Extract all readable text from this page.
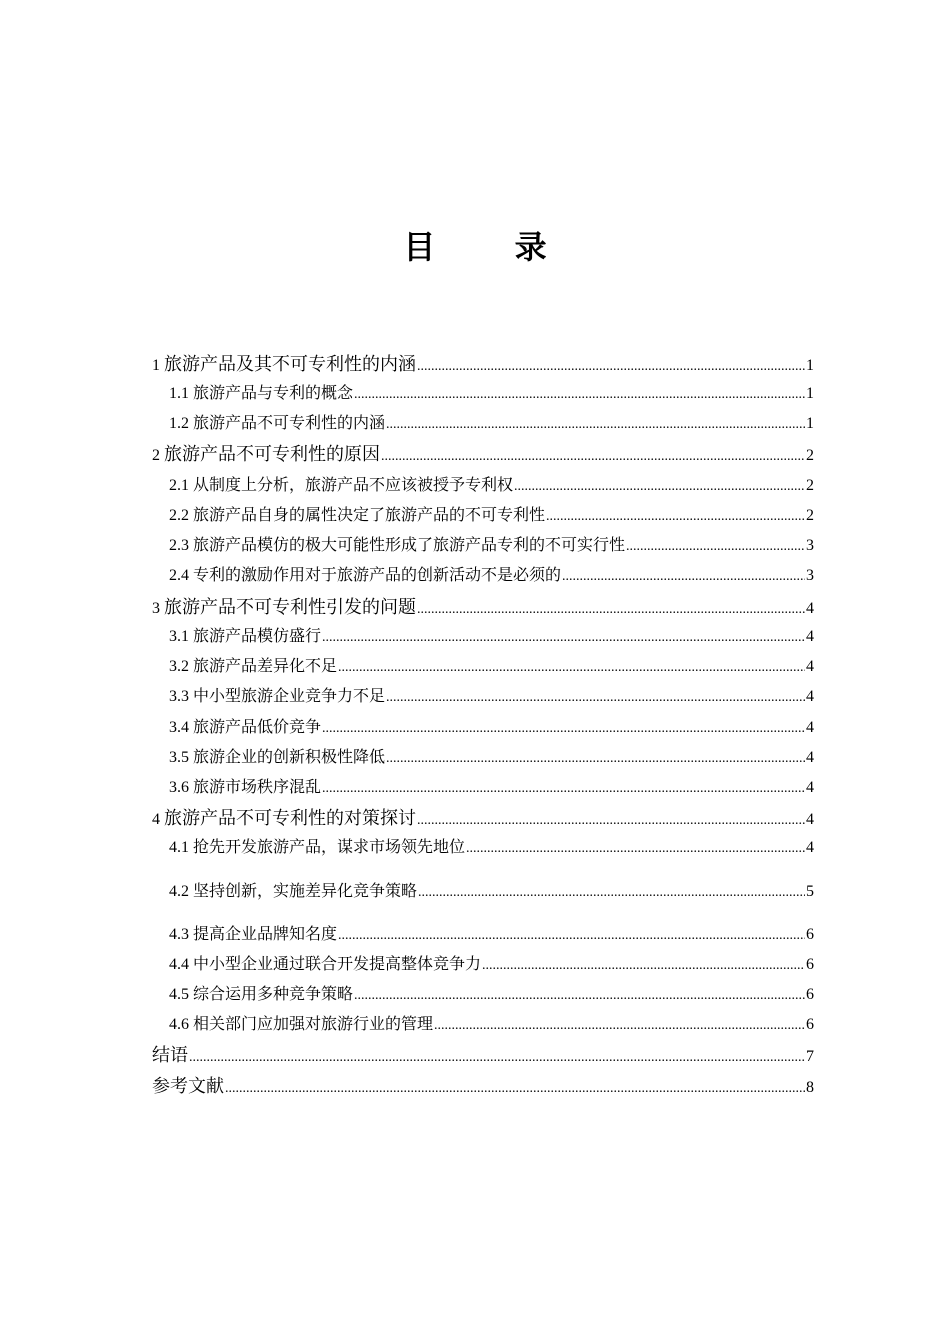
目 录
1 旅游产品及其不可专利性的内涵 .....	1
1.1 旅游产品与专利的概念 .....	1
1.2 旅游产品不可专利性的内涵 .....	1
2 旅游产品不可专利性的原因 .....	2
2.1 从制度上分析，旅游产品不应该被授予专利权 .....	2
2.2 旅游产品自身的属性决定了旅游产品的不可专利性 .....	2
2.3 旅游产品模仿的极大可能性形成了旅游产品专利的不可实行性 .....	3
2.4 专利的激励作用对于旅游产品的创新活动不是必须的 .....	3
3 旅游产品不可专利性引发的问题 .....	4
3.1 旅游产品模仿盛行 .....	4
3.2 旅游产品差异化不足 .....	4
3.3 中小型旅游企业竞争力不足 .....	4
3.4 旅游产品低价竞争 .....	4
3.5 旅游企业的创新积极性降低 .....	4
3.6 旅游市场秩序混乱 .....	4
4 旅游产品不可专利性的对策探讨 .....	4
4.1 抢先开发旅游产品，谋求市场领先地位 .....	4
4.2 坚持创新，实施差异化竞争策略 .....	5
4.3 提高企业品牌知名度 .....	6
4.4 中小型企业通过联合开发提高整体竞争力 .....	6
4.5 综合运用多种竞争策略 .....	6
4.6 相关部门应加强对旅游行业的管理 .....	6
结语 .....	7
参考文献 .....	8
